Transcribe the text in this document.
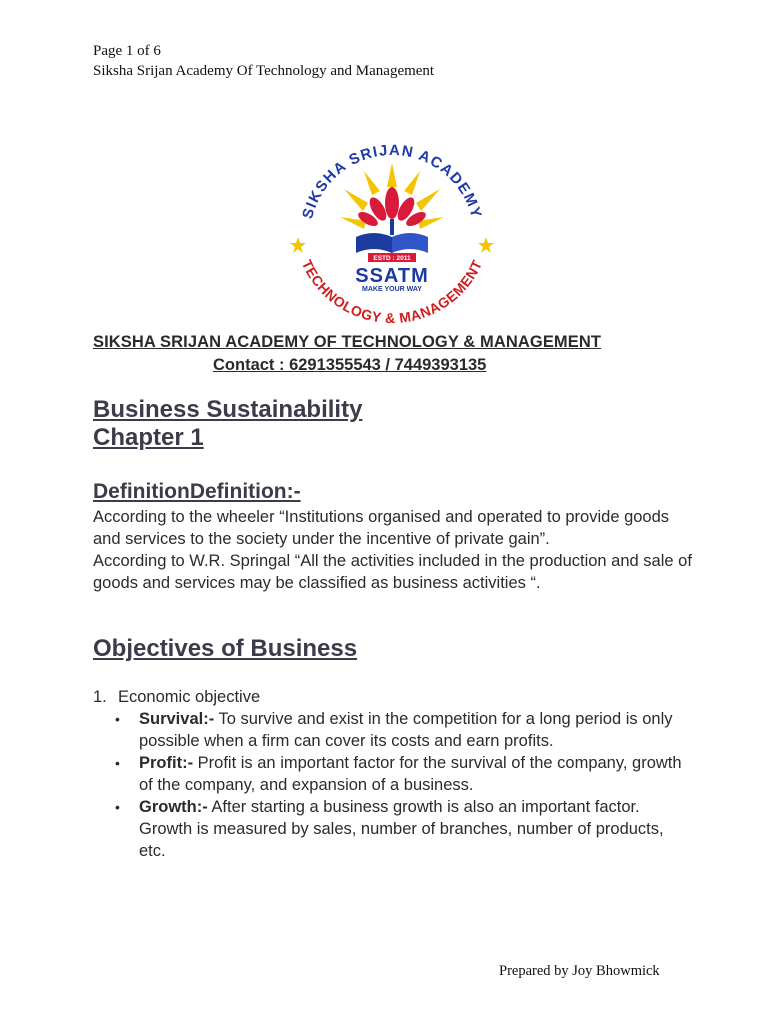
Page 1 of 6
Siksha Srijan Academy Of Technology and Management
SIKSHA SRIJAN ACADEMY
TECHNOLOGY & MANAGEMENT
ESTD : 2011
SSATM
MAKE YOUR WAY
SIKSHA SRIJAN ACADEMY OF TECHNOLOGY & MANAGEMENT
Contact : 6291355543 / 7449393135
Business Sustainability
Chapter 1
DefinitionDefinition:-

According to the wheeler “Institutions organised and operated to provide goods and services to the society under the incentive of private gain”.

According to W.R. Springal “All the activities included in the production and sale of goods and services may be classified as business activities “.

Objectives of Business
1. Economic objective
•	Survival:- To survive and exist in the competition for a long period is only possible when a firm can cover its costs and earn profits.
•	Profit:- Profit is an important factor for the survival of the company, growth of the company, and expansion of a business.
•	Growth:- After starting a business growth is also an important factor. Growth is measured by sales, number of branches, number of products, etc.
Prepared by Joy Bhowmick
